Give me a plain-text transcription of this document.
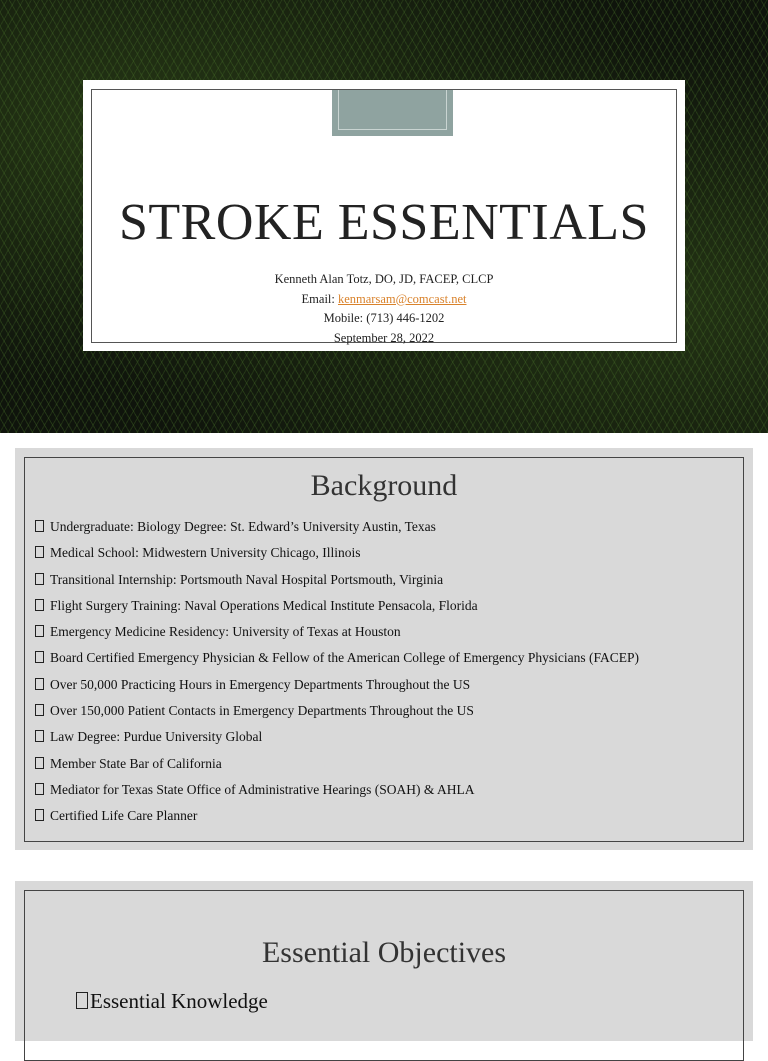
STROKE ESSENTIALS
Kenneth Alan Totz, DO, JD, FACEP, CLCP
Email: kenmarsam@comcast.net
Mobile: (713) 446-1202
September 28, 2022
Background
Undergraduate: Biology Degree: St. Edward’s University Austin, Texas
Medical School: Midwestern University Chicago, Illinois
Transitional Internship: Portsmouth Naval Hospital Portsmouth, Virginia
Flight Surgery Training: Naval Operations Medical Institute Pensacola, Florida
Emergency Medicine Residency: University of Texas at Houston
Board Certified Emergency Physician & Fellow of the American College of Emergency Physicians (FACEP)
Over 50,000 Practicing Hours in Emergency Departments Throughout the US
Over 150,000 Patient Contacts in Emergency Departments Throughout the US
Law Degree: Purdue University Global
Member State Bar of California
Mediator for Texas State Office of Administrative Hearings (SOAH) & AHLA
Certified Life Care Planner
Essential Objectives
Essential Knowledge
